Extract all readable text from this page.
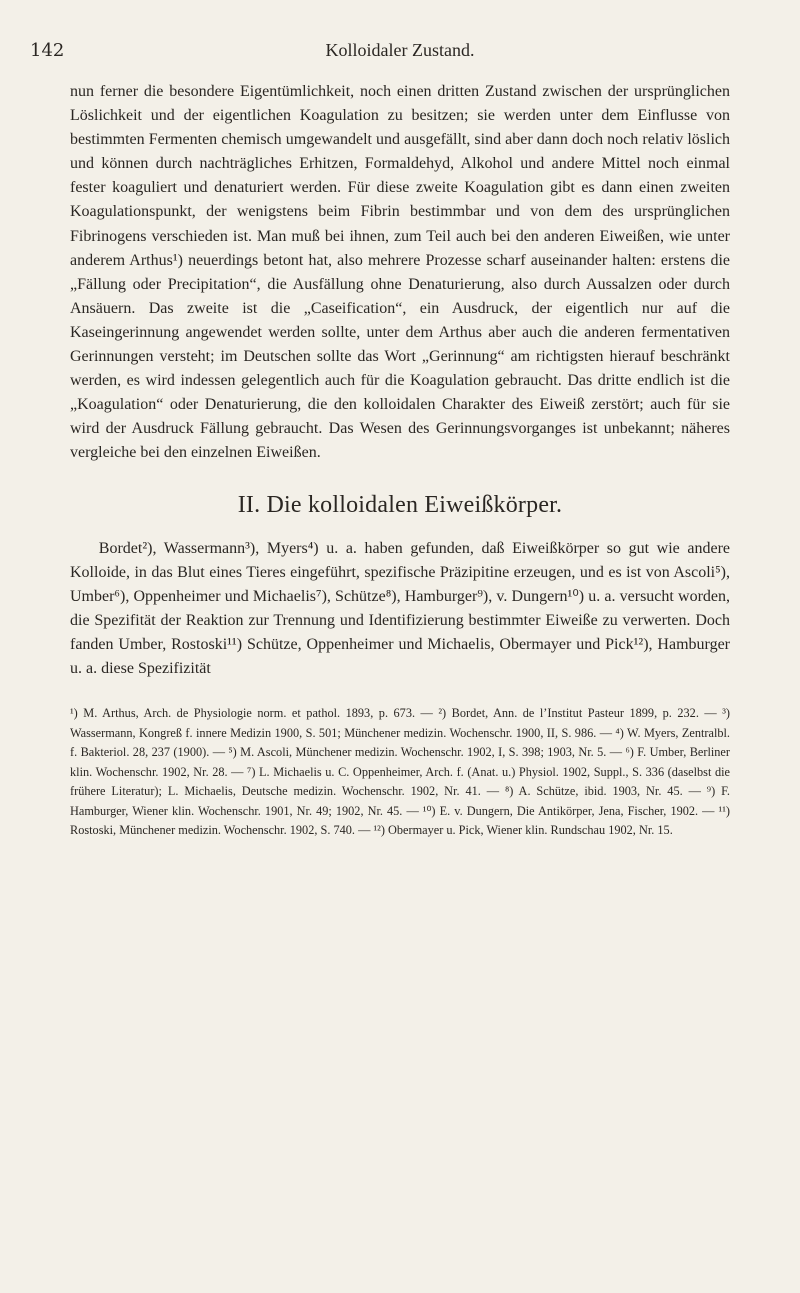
142	Kolloidaler Zustand.

nun ferner die besondere Eigentümlichkeit, noch einen dritten Zustand zwischen der ursprünglichen Löslichkeit und der eigentlichen Koagulation zu besitzen; sie werden unter dem Einflusse von bestimmten Fermenten chemisch umgewandelt und ausgefällt, sind aber dann doch noch relativ löslich und können durch nachträgliches Erhitzen, Formaldehyd, Alkohol und andere Mittel noch einmal fester koaguliert und denaturiert werden. Für diese zweite Koagulation gibt es dann einen zweiten Koagulationspunkt, der wenigstens beim Fibrin bestimmbar und von dem des ursprünglichen Fibrinogens verschieden ist. Man muß bei ihnen, zum Teil auch bei den anderen Eiweißen, wie unter anderem Arthus¹) neuerdings betont hat, also mehrere Prozesse scharf auseinander halten: erstens die „Fällung oder Precipitation“, die Ausfällung ohne Denaturierung, also durch Aussalzen oder durch Ansäuern. Das zweite ist die „Caseification“, ein Ausdruck, der eigentlich nur auf die Kaseingerinnung angewendet werden sollte, unter dem Arthus aber auch die anderen fermentativen Gerinnungen versteht; im Deutschen sollte das Wort „Gerinnung“ am richtigsten hierauf beschränkt werden, es wird indessen gelegentlich auch für die Koagulation gebraucht. Das dritte endlich ist die „Koagulation“ oder Denaturierung, die den kolloidalen Charakter des Eiweiß zerstört; auch für sie wird der Ausdruck Fällung gebraucht. Das Wesen des Gerinnungsvorganges ist unbekannt; näheres vergleiche bei den einzelnen Eiweißen.

II. Die kolloidalen Eiweißkörper.

Bordet²), Wassermann³), Myers⁴) u. a. haben gefunden, daß Eiweißkörper so gut wie andere Kolloide, in das Blut eines Tieres eingeführt, spezifische Präzipitine erzeugen, und es ist von Ascoli⁵), Umber⁶), Oppenheimer und Michaelis⁷), Schütze⁸), Hamburger⁹), v. Dungern¹⁰) u. a. versucht worden, die Spezifität der Reaktion zur Trennung und Identifizierung bestimmter Eiweiße zu verwerten. Doch fanden Umber, Rostoski¹¹) Schütze, Oppenheimer und Michaelis, Obermayer und Pick¹²), Hamburger u. a. diese Spezifizität

¹) M. Arthus, Arch. de Physiologie norm. et pathol. 1893, p. 673. — ²) Bordet, Ann. de l’Institut Pasteur 1899, p. 232. — ³) Wassermann, Kongreß f. innere Medizin 1900, S. 501; Münchener medizin. Wochenschr. 1900, II, S. 986. — ⁴) W. Myers, Zentralbl. f. Bakteriol. 28, 237 (1900). — ⁵) M. Ascoli, Münchener medizin. Wochenschr. 1902, I, S. 398; 1903, Nr. 5. — ⁶) F. Umber, Berliner klin. Wochenschr. 1902, Nr. 28. — ⁷) L. Michaelis u. C. Oppenheimer, Arch. f. (Anat. u.) Physiol. 1902, Suppl., S. 336 (daselbst die frühere Literatur); L. Michaelis, Deutsche medizin. Wochenschr. 1902, Nr. 41. — ⁸) A. Schütze, ibid. 1903, Nr. 45. — ⁹) F. Hamburger, Wiener klin. Wochenschr. 1901, Nr. 49; 1902, Nr. 45. — ¹⁰) E. v. Dungern, Die Antikörper, Jena, Fischer, 1902. — ¹¹) Rostoski, Münchener medizin. Wochenschr. 1902, S. 740. — ¹²) Obermayer u. Pick, Wiener klin. Rundschau 1902, Nr. 15.
